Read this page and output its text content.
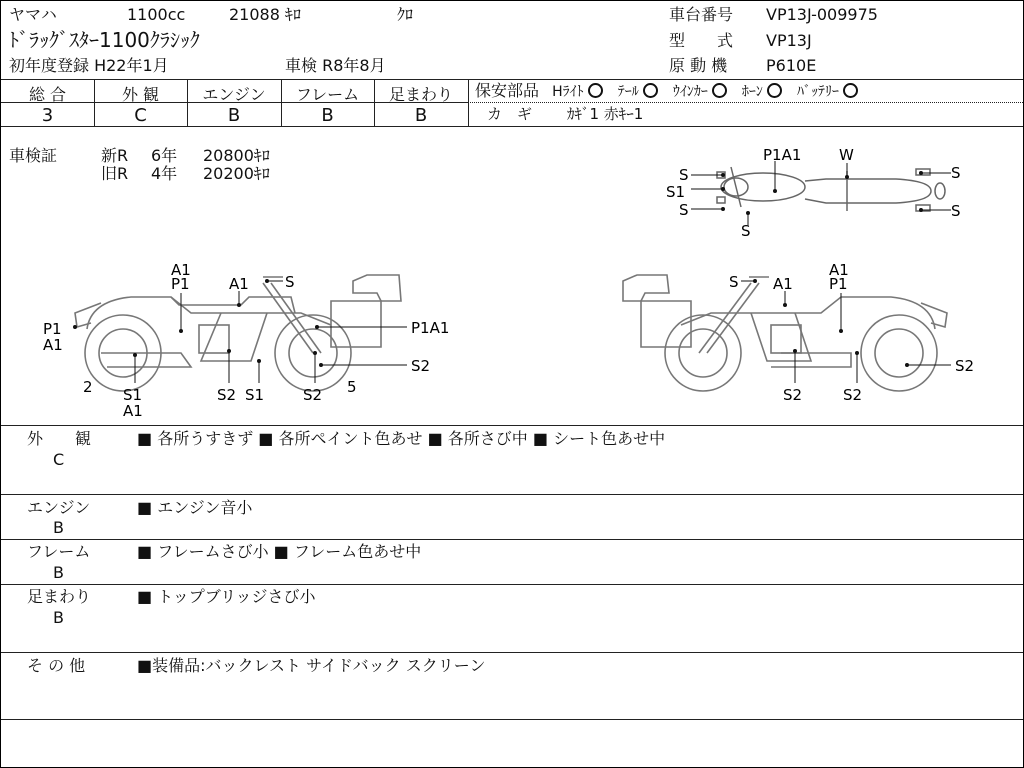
ヤマハ	1100cc	21088 ｷﾛ	ｸﾛ
ﾄﾞﾗｯｸﾞｽﾀｰ1100ｸﾗｼｯｸ
初年度登録 H22年1月	車検 R8年8月
車台番号 VP13J-009975
型　　式 VP13J
原 動 機 P610E
総 合	外 観	エンジン	フレーム	足まわり
3	C	B	B	B
保安部品 Hﾗｲﾄ ﾃｰﾙ ｳｲﾝｶｰ ﾎｰﾝ ﾊﾞｯﾃﾘｰ
カ　ギ ｶｷﾞ1 赤ｷｰ1
車検証	新R 6年 20800ｷﾛ
旧R 4年 20200ｷﾛ
P1A1	W
S
S1
S
S
S
S
A1
P1	A1 S
P1A1
P1
A1
S2
2 S1
A1
S2 S1	S2 5
S A1
A1
P1
S2
S2	S2
外　　観
C
■ 各所うすきず ■ 各所ペイント色あせ ■ 各所さび中 ■ シート色あせ中
エンジン
B
■ エンジン音小
フレーム
B
■ フレームさび小 ■ フレーム色あせ中
足まわり
B
■ トップブリッジさび小
そ の 他	■装備品:バックレスト サイドバック スクリーン
